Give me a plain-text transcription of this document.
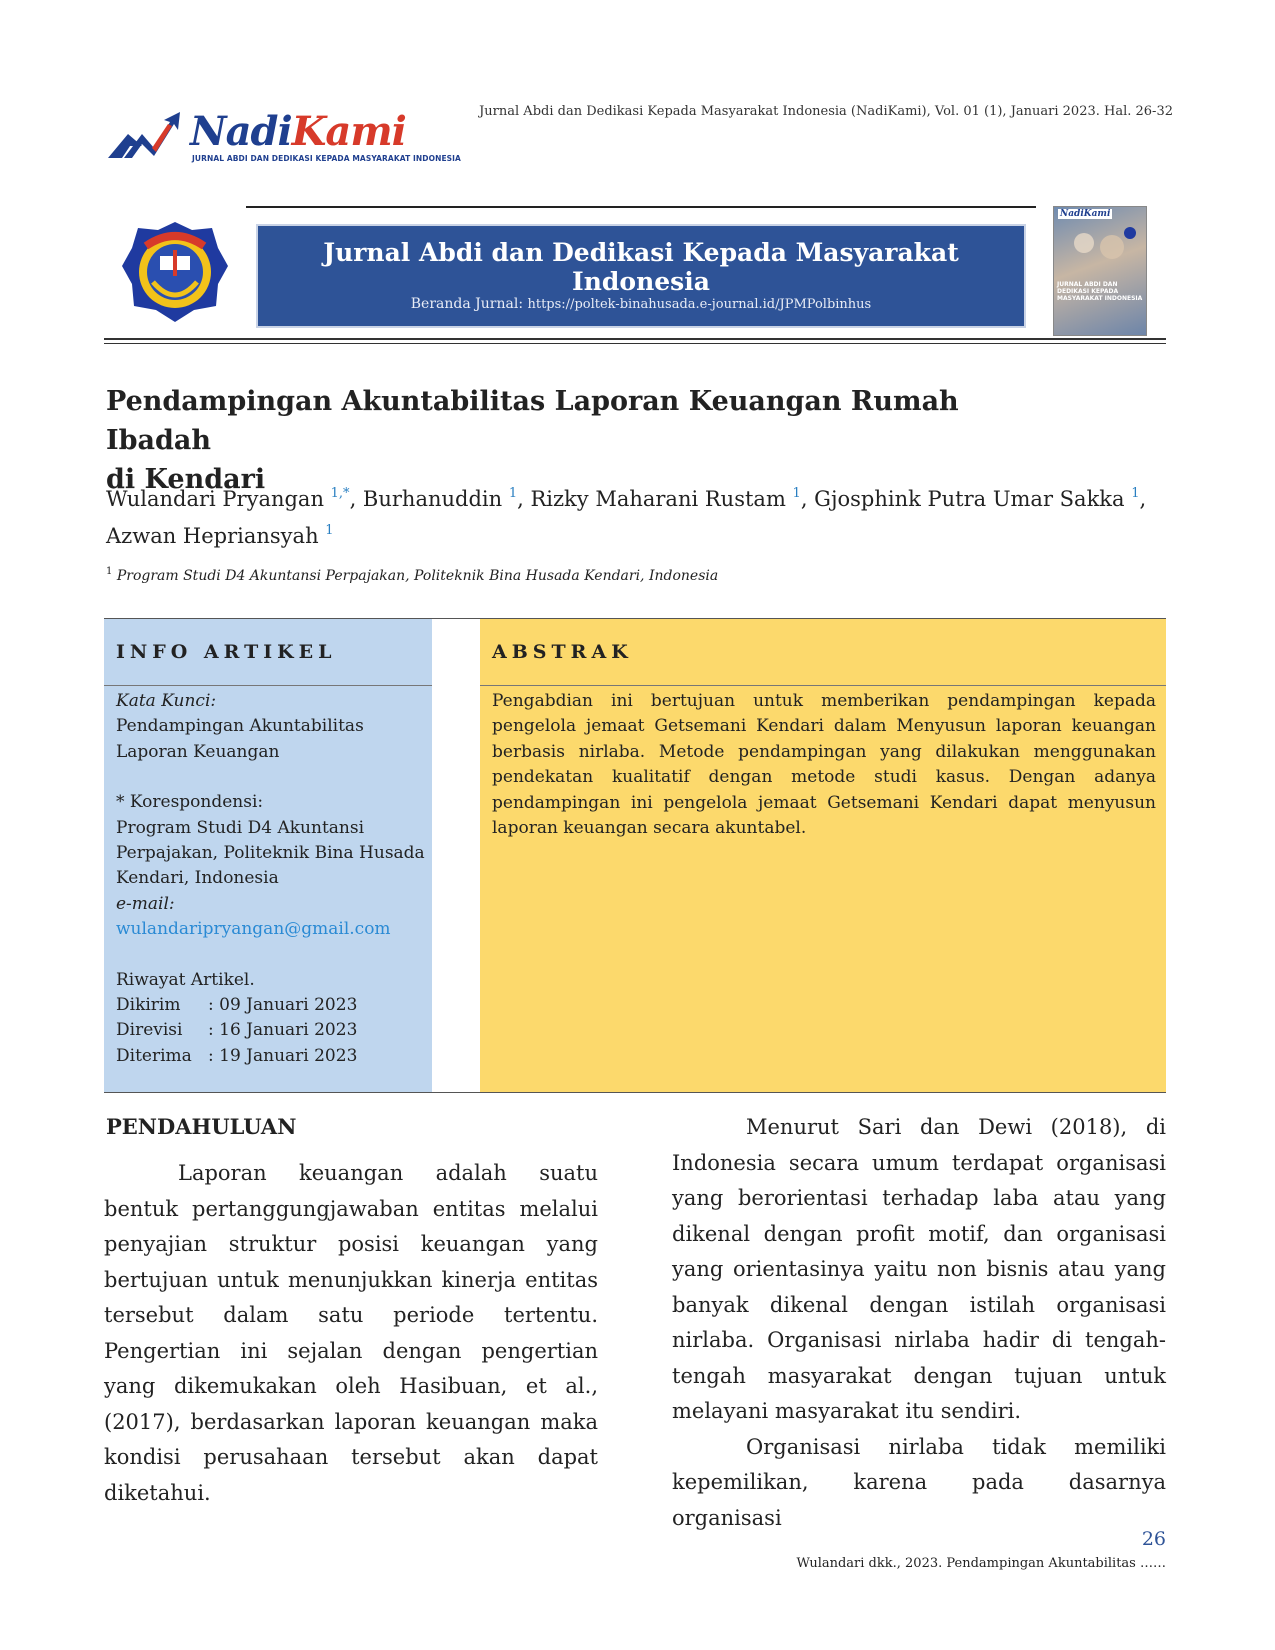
NadiKami
JURNAL ABDI DAN DEDIKASI KEPADA MASYARAKAT INDONESIA
Jurnal Abdi dan Dedikasi Kepada Masyarakat Indonesia (NadiKami), Vol. 01 (1), Januari 2023. Hal. 26-32
Jurnal Abdi dan Dedikasi Kepada Masyarakat Indonesia
Beranda Jurnal: https://poltek-binahusada.e-journal.id/JPMPolbinhus
NadiKami
JURNAL ABDI DAN DEDIKASI KEPADA MASYARAKAT INDONESIA
Pendampingan Akuntabilitas Laporan Keuangan Rumah Ibadah
di Kendari
Wulandari Pryangan $^{1,*}$, Burhanuddin $^1$, Rizky Maharani Rustam $^1$, Gjosphink Putra Umar Sakka $^1$,
Azwan Hepriansyah $^1$
$^1$ Program Studi D4 Akuntansi Perpajakan, Politeknik Bina Husada Kendari, Indonesia
INFO ARTIKEL
Kata Kunci:
Pendampingan Akuntabilitas
Laporan Keuangan
* Korespondensi:
Program Studi D4 Akuntansi
Perpajakan, Politeknik Bina Husada
Kendari, Indonesia
e-mail:
wulandaripryangan@gmail.com
Riwayat Artikel.
Dikirim	: 09 Januari 2023
Direvisi	: 16 Januari 2023
Diterima : 19 Januari 2023
ABSTRAK
Pengabdian ini bertujuan untuk memberikan pendampingan kepada pengelola jemaat Getsemani Kendari dalam Menyusun laporan keuangan berbasis nirlaba. Metode pendampingan yang dilakukan menggunakan pendekatan kualitatif dengan metode studi kasus. Dengan adanya pendampingan ini pengelola jemaat Getsemani Kendari dapat menyusun laporan keuangan secara akuntabel.
PENDAHULUAN

Laporan keuangan adalah suatu bentuk pertanggungjawaban entitas melalui penyajian struktur posisi keuangan yang bertujuan untuk menunjukkan kinerja entitas tersebut dalam satu periode tertentu. Pengertian ini sejalan dengan pengertian yang dikemukakan oleh Hasibuan, et al., (2017), berdasarkan laporan keuangan maka kondisi perusahaan tersebut akan dapat diketahui.

Menurut Sari dan Dewi (2018), di Indonesia secara umum terdapat organisasi yang berorientasi terhadap laba atau yang dikenal dengan profit motif, dan organisasi yang orientasinya yaitu non bisnis atau yang banyak dikenal dengan istilah organisasi nirlaba. Organisasi nirlaba hadir di tengah-tengah masyarakat dengan tujuan untuk melayani masyarakat itu sendiri.

Organisasi nirlaba tidak memiliki kepemilikan, karena pada dasarnya organisasi

26
Wulandari dkk., 2023. Pendampingan Akuntabilitas ……
